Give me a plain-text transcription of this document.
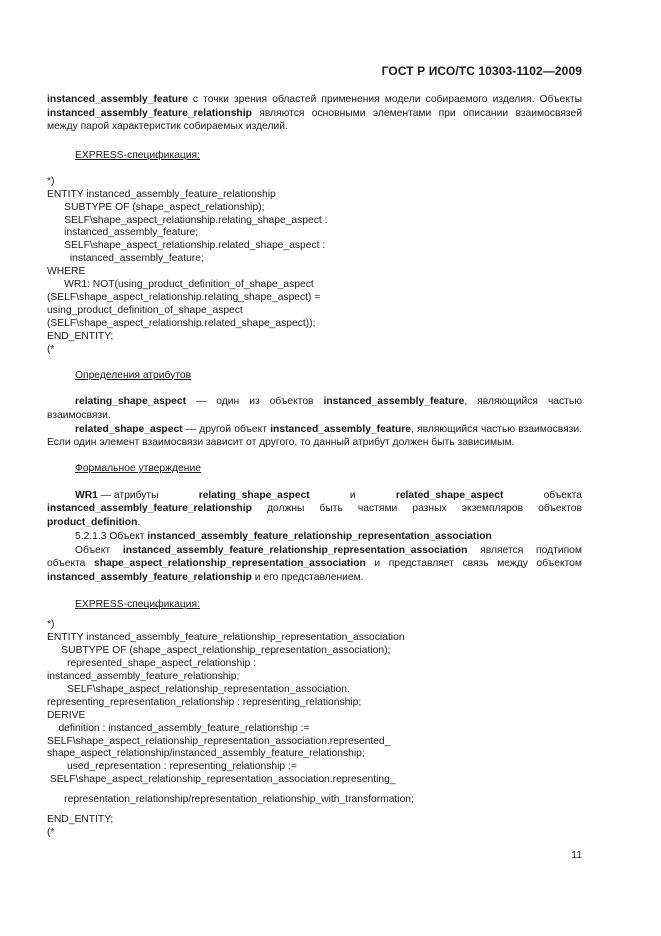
ГОСТ Р ИСО/ТС 10303-1102—2009

instanced_assembly_feature с точки зрения областей применения модели собираемого изделия. Объекты instanced_assembly_feature_relationship являются основными элементами при описании взаимосвязей между парой характеристик собираемых изделий.

EXPRESS-спецификация:

*)
ENTITY instanced_assembly_feature_relationship
SUBTYPE OF (shape_aspect_relationship);
SELF\shape_aspect_relationship.relating_shape_aspect :
instanced_assembly_feature;
SELF\shape_aspect_relationship.related_shape_aspect :
instanced_assembly_feature;
WHERE
WR1: NOT(using_product_definition_of_shape_aspect
(SELF\shape_aspect_relationship.relating_shape_aspect) =
using_product_definition_of_shape_aspect
(SELF\shape_aspect_relationship.related_shape_aspect));
END_ENTITY;
(*

Определения атрибутов

relating_shape_aspect — один из объектов instanced_assembly_feature, являющийся частью взаимосвязи.

related_shape_aspect — другой объект instanced_assembly_feature, являющийся частью взаимосвязи. Если один элемент взаимосвязи зависит от другого, то данный атрибут должен быть зависимым.

Формальное утверждение

WR1 — атрибуты	relating_shape_aspect	и	related_shape_aspect	объекта

instanced_assembly_feature_relationship должны быть частями разных экземпляров объектов product_definition.

5.2.1.3 Объект instanced_assembly_feature_relationship_representation_association

Объект instanced_assembly_feature_relationship_representation_association является подтипом объекта shape_aspect_relationship_representation_association и представляет связь между объектом instanced_assembly_feature_relationship и его представлением.

EXPRESS-спецификация:

*)
ENTITY instanced_assembly_feature_relationship_representation_association
SUBTYPE OF (shape_aspect_relationship_representation_association);
represented_shape_aspect_relationship :
instanced_assembly_feature_relationship;
SELF\shape_aspect_relationship_representation_association.
representing_representation_relationship : representing_relationship;
DERIVE
definition : instanced_assembly_feature_relationship :=
SELF\shape_aspect_relationship_representation_association.represented_
shape_aspect_relationship/instanced_assembly_feature_relationship;
used_representation : representing_relationship :=
SELF\shape_aspect_relationship_representation_association.representing_
representation_relationship/representation_relationship_with_transformation;
END_ENTITY;
(*
11
